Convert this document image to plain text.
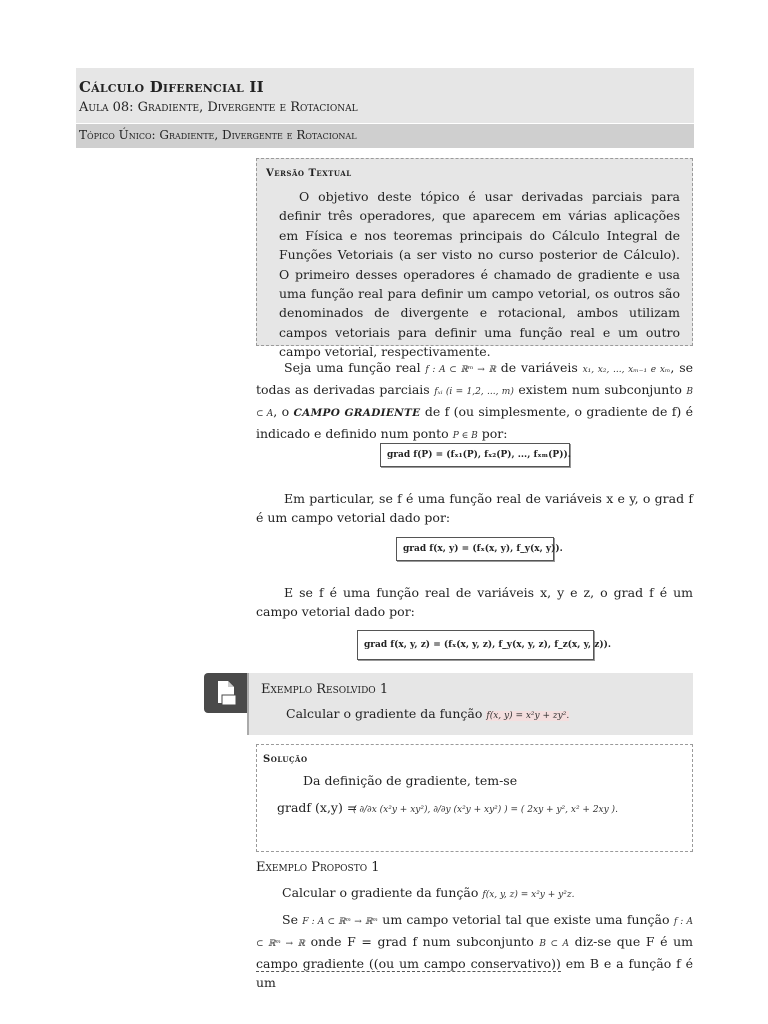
Cálculo Diferencial II
Aula 08: Gradiente, Divergente e Rotacional
Tópico Único: Gradiente, Divergente e Rotacional
Versão Textual
O objetivo deste tópico é usar derivadas parciais para definir três operadores, que aparecem em várias aplicações em Física e nos teoremas principais do Cálculo Integral de Funções Vetoriais (a ser visto no curso posterior de Cálculo). O primeiro desses operadores é chamado de gradiente e usa uma função real para definir um campo vetorial, os outros são denominados de divergente e rotacional, ambos utilizam campos vetoriais para definir uma função real e um outro campo vetorial, respectivamente.
Seja uma função real f : A ⊂ ℝᵐ → ℝ de variáveis x₁, x₂, ..., xₘ₋₁ e xₘ, se todas as derivadas parciais fₓᵢ (i = 1,2, ..., m) existem num subconjunto B ⊂ A, o CAMPO GRADIENTE de f (ou simplesmente, o gradiente de f) é indicado e definido num ponto P ∈ B por:
grad f(P) = (fₓ₁(P), fₓ₂(P), ..., fₓₘ(P)).
Em particular, se f é uma função real de variáveis x e y, o grad f é um campo vetorial dado por:
grad f(x, y) = (fₓ(x, y), f_y(x, y)).
E se f é uma função real de variáveis x, y e z, o grad f é um campo vetorial dado por:
grad f(x, y, z) = (fₓ(x, y, z), f_y(x, y, z), f_z(x, y, z)).
Exemplo Resolvido 1
Calcular o gradiente da função f(x, y) = x²y + zy².
Solução
Da definição de gradiente, tem-se
gradf (x,y) =
( ∂/∂x (x²y + xy²), ∂/∂y (x²y + xy²) ) = ( 2xy + y², x² + 2xy ).
Exemplo Proposto 1
Calcular o gradiente da função f(x, y, z) = x²y + y²z.
Se F : A ⊂ ℝᵐ → ℝᵐ um campo vetorial tal que existe uma função f : A ⊂ ℝᵐ → ℝ onde F = grad f num subconjunto B ⊂ A diz-se que F é um campo gradiente ((ou um campo conservativo)) em B e a função f é um
